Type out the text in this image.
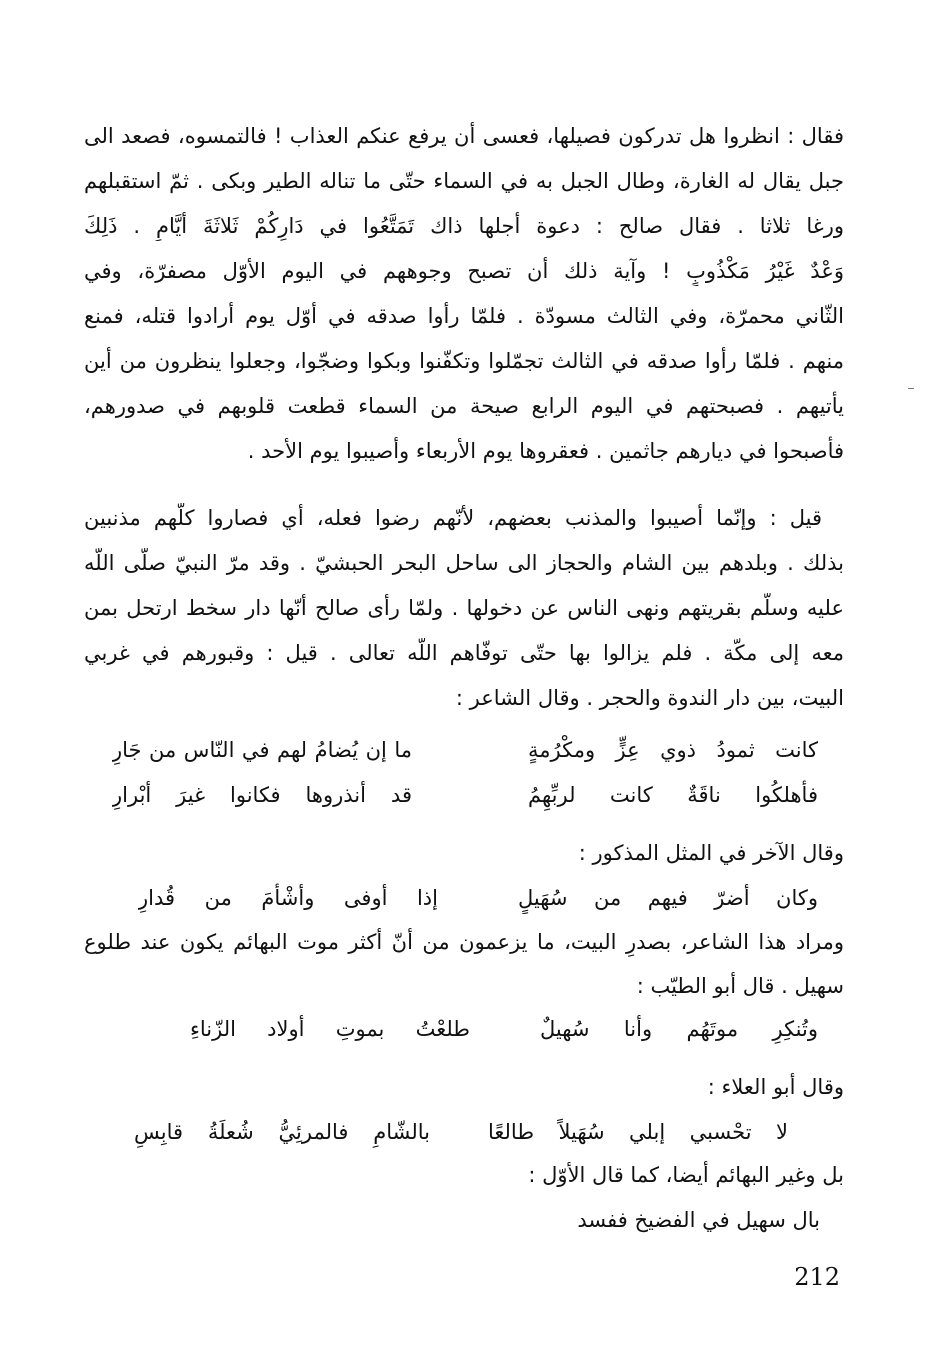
فقال : انظروا هل تدركون فصيلها، فعسى أن يرفع عنكم العذاب ! فالتمسوه، فصعد الى
جبل يقال له الغارة، وطال الجبل به في السماء حتّى ما تناله الطير وبكى . ثمّ استقبلهم
ورغا ثلاثا . فقال صالح : دعوة أجلها ذاك تَمَتَّعُوا في دَارِكُمْ ثَلاثَةَ أيَّامٍ . ذَلِكَ
وَعْدٌ غَيْرُ مَكْذُوبٍ ! وآية ذلك أن تصبح وجوههم في اليوم الأوّل مصفرّة، وفي
الثّاني محمرّة، وفي الثالث مسودّة . فلمّا رأوا صدقه في أوّل يوم أرادوا قتله، فمنع
منهم . فلمّا رأوا صدقه في الثالث تجمّلوا وتكفّنوا وبكوا وضجّوا، وجعلوا ينظرون من أين
يأتيهم . فصبحتهم في اليوم الرابع صيحة من السماء قطعت قلوبهم في صدورهم،
فأصبحوا في ديارهم جاثمين . فعقروها يوم الأربعاء وأصيبوا يوم الأحد .
قيل : وإنّما أصيبوا والمذنب بعضهم، لأنّهم رضوا فعله، أي فصاروا كلّهم مذنبين
بذلك . وبلدهم بين الشام والحجاز الى ساحل البحر الحبشيّ . وقد مرّ النبيّ صلّى اللّه
عليه وسلّم بقريتهم ونهى الناس عن دخولها . ولمّا رأى صالح أنّها دار سخط ارتحل بمن
معه إلى مكّة . فلم يزالوا بها حتّى توفّاهم اللّه تعالى . قيل : وقبورهم في غربي
البيت، بين دار الندوة والحجر . وقال الشاعر :
كانت ثمودُ ذوي عِزٍّ ومكْرُمةٍ
ما إن يُضامُ لهم في النّاس من جَارِ
فأهلكُوا ناقَةٌ كانت لربِّهِمُ
قد أنذروها فكانوا غيرَ أبْرارِ
وقال الآخر في المثل المذكور :
وكان أضرّ فيهم من سُهَيلٍ
إذا أوفى وأشْأمَ من قُدارِ
ومراد هذا الشاعر، بصدرِ البيت، ما يزعمون من أنّ أكثر موت البهائم يكون عند طلوع
سهيل . قال أبو الطيّب :
وتُنكِرِ موتَهُم وأنا سُهيلٌ
طلعْتُ بموتِ أولاد الزّناءِ
وقال أبو العلاء :
لا تحْسبي إبلي سُهَيلاً طالعًا
بالشّامِ فالمرئِيُّ شُعلَةُ قابِسِ
بل وغير البهائم أيضا، كما قال الأوّل :
بال سهيل في الفضيخ ففسد
212
